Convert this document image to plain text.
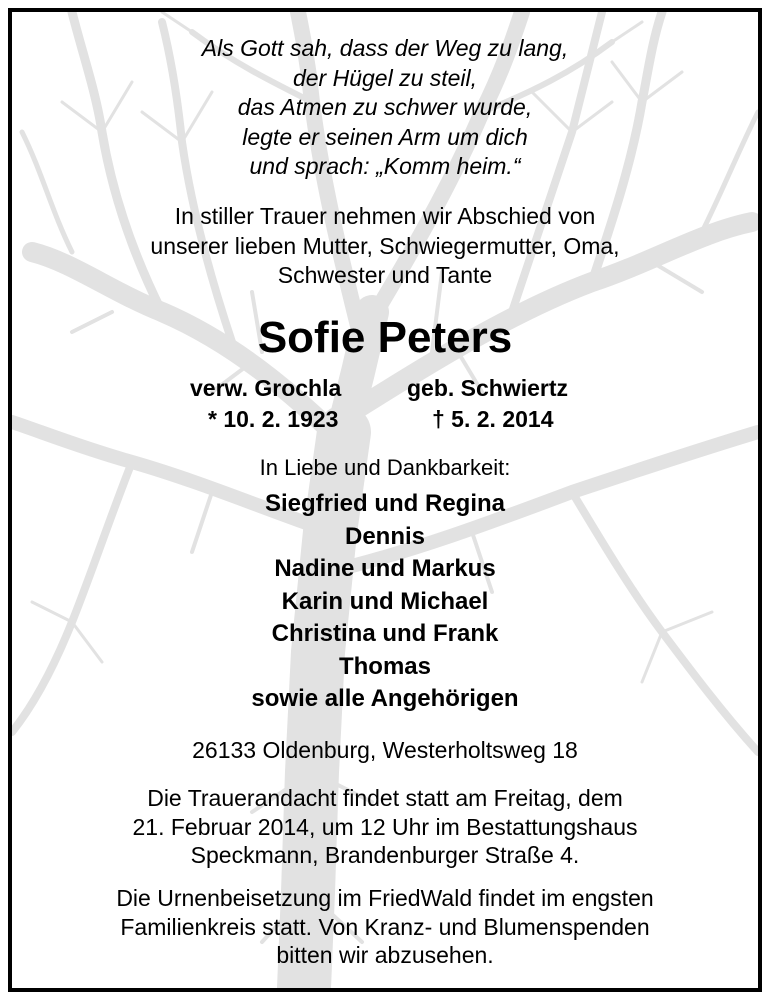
Als Gott sah, dass der Weg zu lang,
der Hügel zu steil,
das Atmen zu schwer wurde,
legte er seinen Arm um dich
und sprach: „Komm heim.“
In stiller Trauer nehmen wir Abschied von
unserer lieben Mutter, Schwiegermutter, Oma,
Schwester und Tante
Sofie Peters
verw. Grochla	geb. Schwiertz
* 10. 2. 1923	† 5. 2. 2014
In Liebe und Dankbarkeit:
Siegfried und Regina
Dennis
Nadine und Markus
Karin und Michael
Christina und Frank
Thomas
sowie alle Angehörigen
26133 Oldenburg, Westerholtsweg 18
Die Trauerandacht findet statt am Freitag, dem
21. Februar 2014, um 12 Uhr im Bestattungshaus
Speckmann, Brandenburger Straße 4.
Die Urnenbeisetzung im FriedWald findet im engsten
Familienkreis statt. Von Kranz- und Blumenspenden
bitten wir abzusehen.
